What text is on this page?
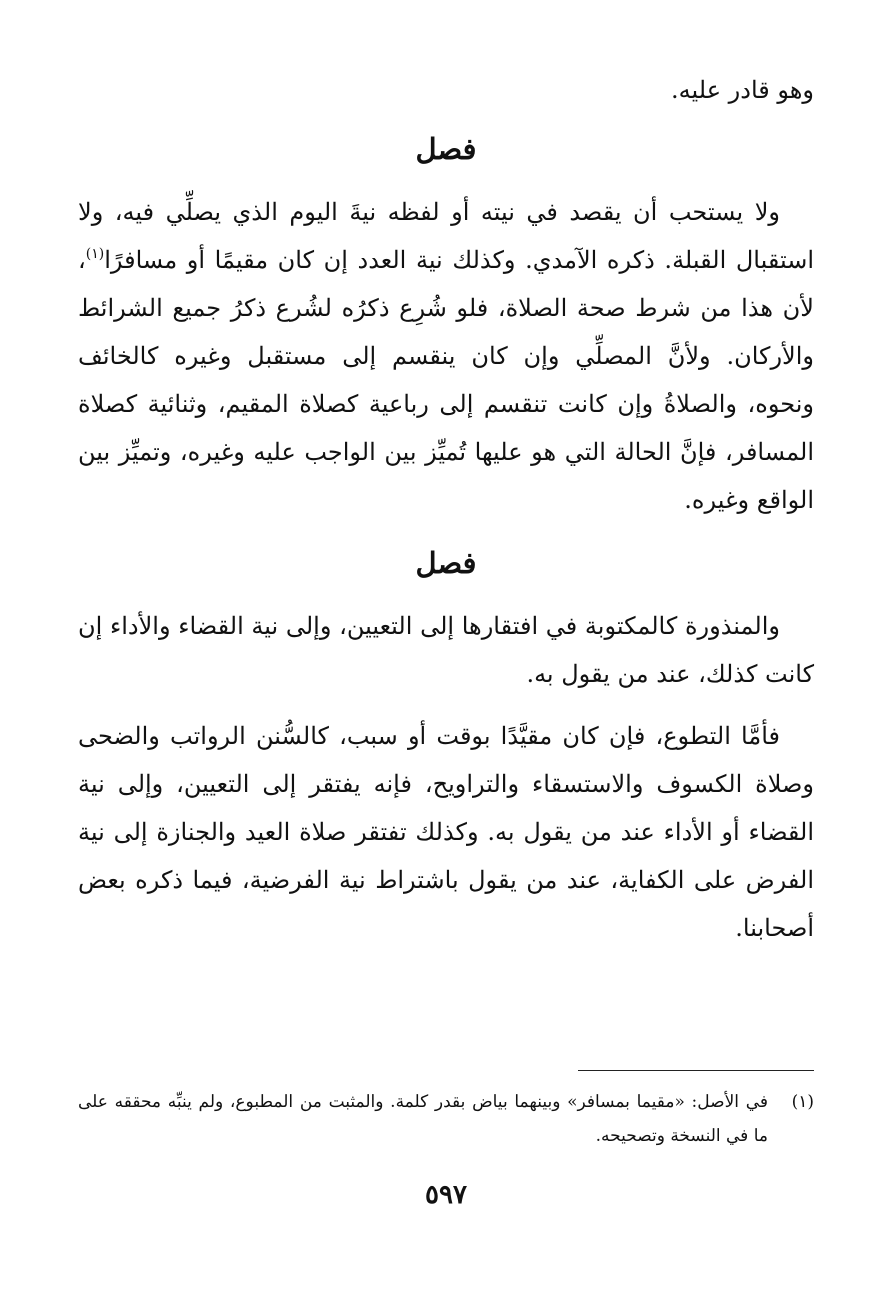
وهو قادر عليه.

فصل

ولا يستحب أن يقصد في نيته أو لفظه نيةَ اليوم الذي يصلِّي فيه، ولا استقبال القبلة. ذكره الآمدي. وكذلك نية العدد إن كان مقيمًا أو مسافرًا$^{(١)}$، لأن هذا من شرط صحة الصلاة، فلو شُرِع ذكرُه لشُرع ذكرُ جميع الشرائط والأركان. ولأنَّ المصلِّي وإن كان ينقسم إلى مستقبل وغيره كالخائف ونحوه، والصلاةُ وإن كانت تنقسم إلى رباعية كصلاة المقيم، وثنائية كصلاة المسافر، فإنَّ الحالة التي هو عليها تُميِّز بين الواجب عليه وغيره، وتميِّز بين الواقع وغيره.

فصل

والمنذورة كالمكتوبة في افتقارها إلى التعيين، وإلى نية القضاء والأداء إن كانت كذلك، عند من يقول به.

فأمَّا التطوع، فإن كان مقيَّدًا بوقت أو سبب، كالسُّنن الرواتب والضحى وصلاة الكسوف والاستسقاء والتراويح، فإنه يفتقر إلى التعيين، وإلى نية القضاء أو الأداء عند من يقول به. وكذلك تفتقر صلاة العيد والجنازة إلى نية الفرض على الكفاية، عند من يقول باشتراط نية الفرضية، فيما ذكره بعض أصحابنا.

(١)
في الأصل: «مقيما بمسافر» وبينهما بياض بقدر كلمة. والمثبت من المطبوع، ولم ينبِّه محققه على ما في النسخة وتصحيحه.

٥٩٧
